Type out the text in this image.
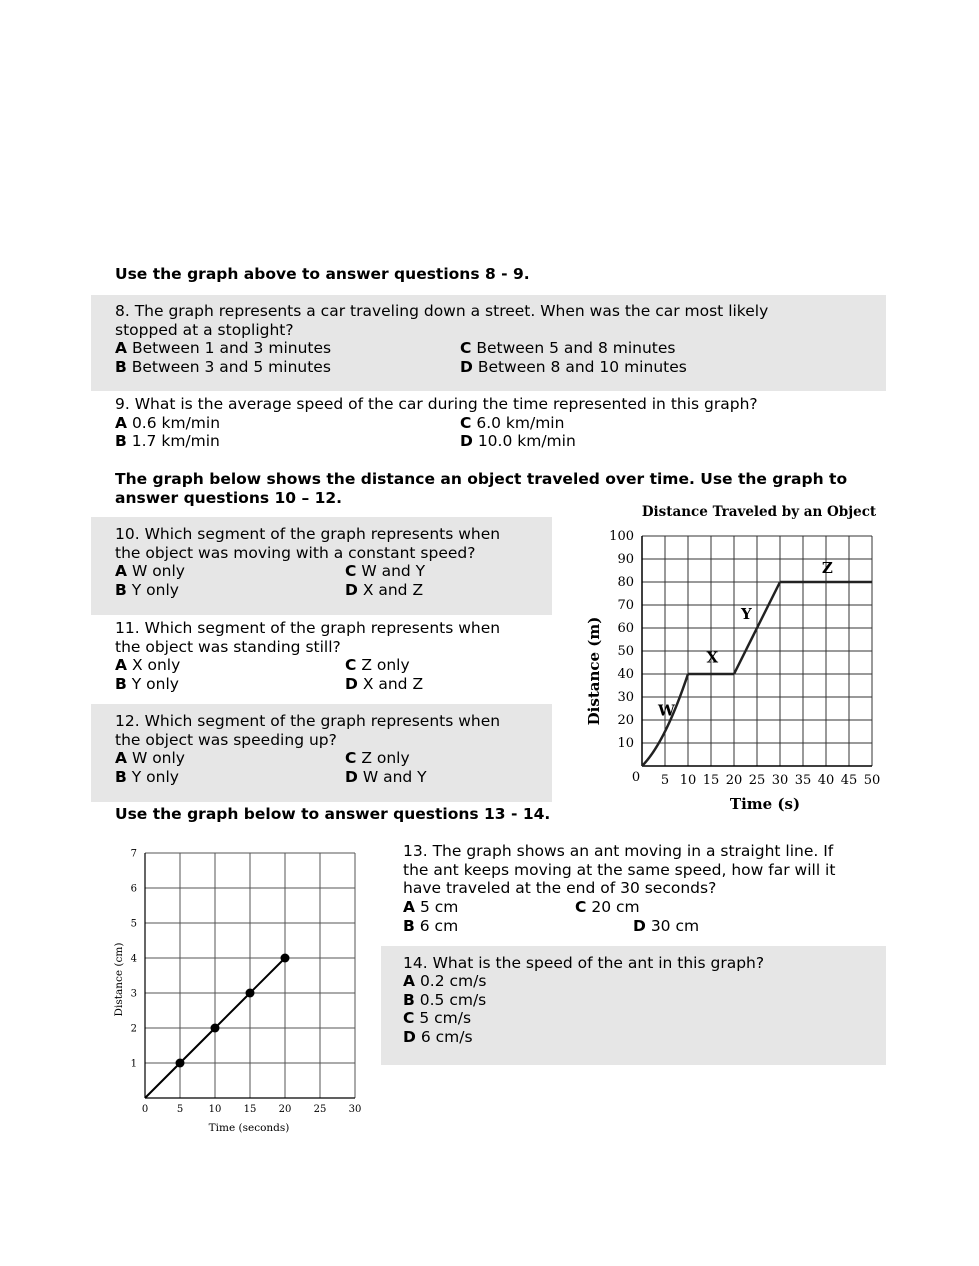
Use the graph above to answer questions 8 - 9.
8. The graph represents a car traveling down a street. When was the car most likely stopped at a stoplight?
A Between 1 and 3 minutes	C Between 5 and 8 minutes
B Between 3 and 5 minutes	D Between 8 and 10 minutes
9. What is the average speed of the car during the time represented in this graph?
A 0.6 km/min	C 6.0 km/min
B 1.7 km/min	D 10.0 km/min
The graph below shows the distance an object traveled over time. Use the graph to answer questions 10 – 12.
10. Which segment of the graph represents when the object was moving with a constant speed?
A W only	C W and Y
B Y only	D X and Z
11. Which segment of the graph represents when the object was standing still?
A X only	C Z only
B Y only	D X and Z
12. Which segment of the graph represents when the object was speeding up?
A W only	C Z only
B Y only	D W and Y
Distance Traveled by an Object
5 10 15 20 25 30 35 40 45 50
0
10
20
30
40
50
60
70
80
90
100
Time (s)
Distance (m)	W
X
Y
Z
Use the graph below to answer questions 13 - 14.
0	5	10 15 20 25 30
1
2
3
4
5
6
7
Time (seconds)
Distance (cm)
13. The graph shows an ant moving in a straight line. If the ant keeps moving at the same speed, how far will it have traveled at the end of 30 seconds?
A 5 cm	C 20 cm
B 6 cm	D 30 cm
14. What is the speed of the ant in this graph?
A 0.2 cm/s
B 0.5 cm/s
C 5 cm/s
D 6 cm/s
